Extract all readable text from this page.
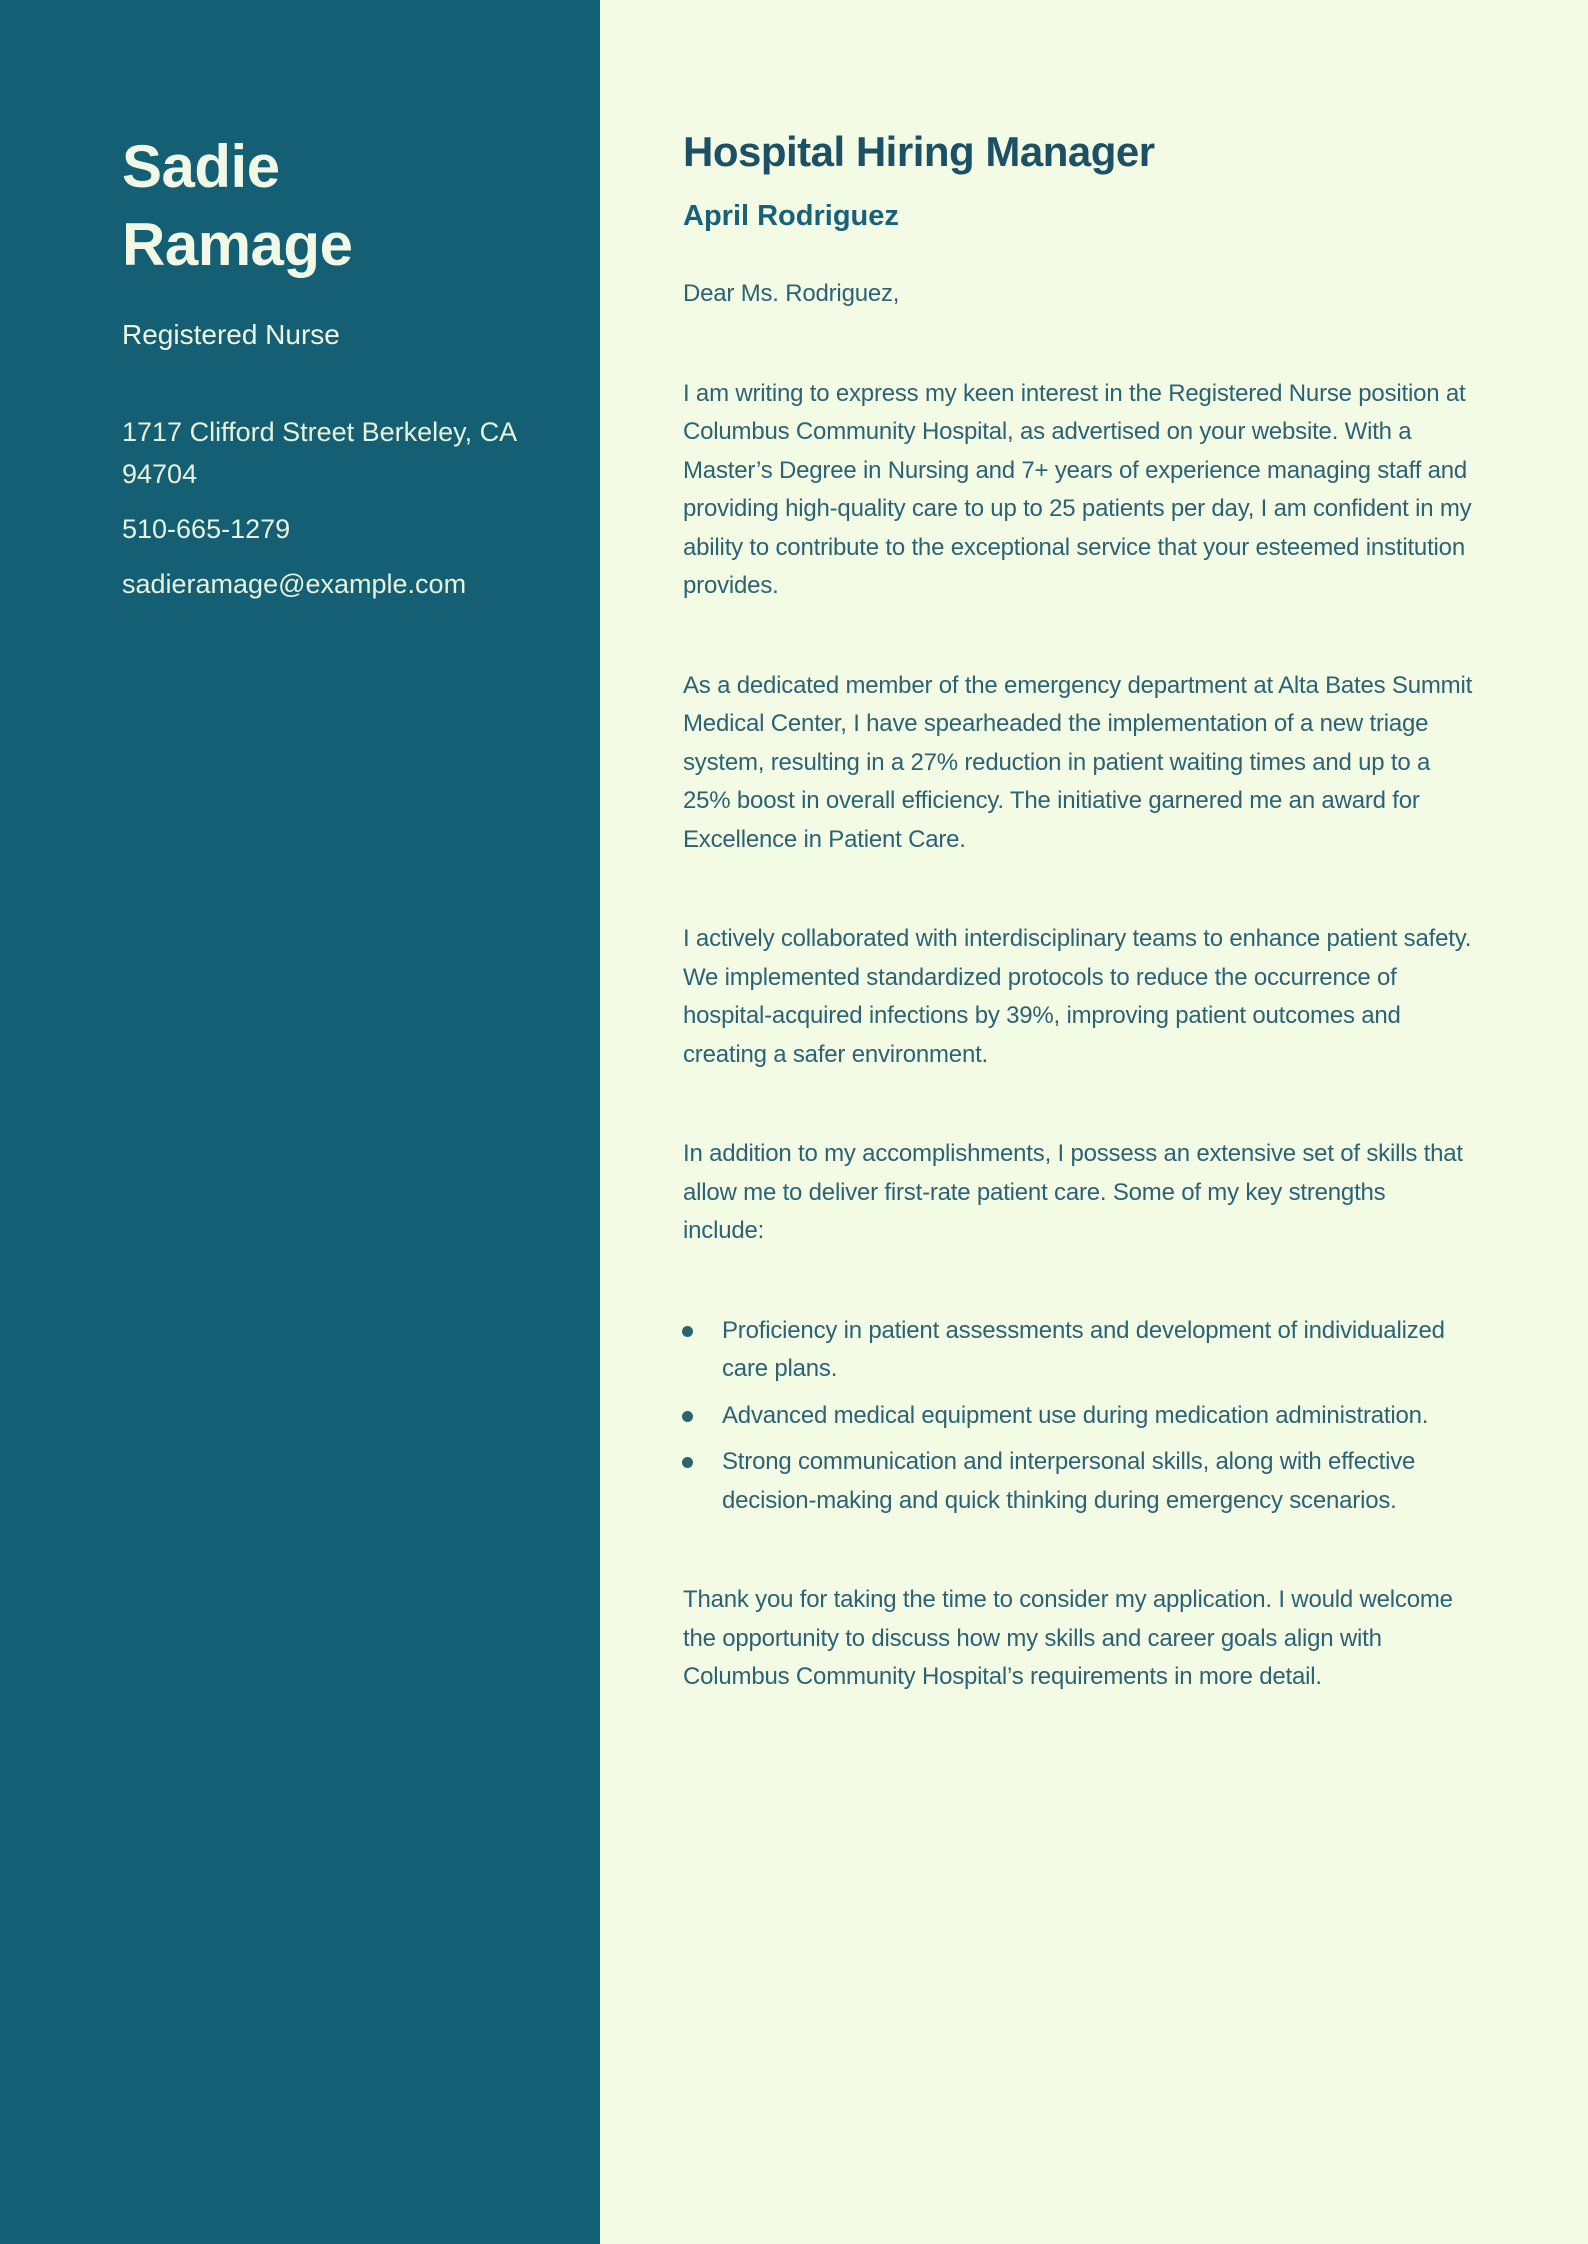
Sadie Ramage
Registered Nurse
1717 Clifford Street Berkeley, CA 94704
510-665-1279
sadieramage@example.com
Hospital Hiring Manager
April Rodriguez

Dear Ms. Rodriguez,

I am writing to express my keen interest in the Registered Nurse position at Columbus Community Hospital, as advertised on your website. With a Master’s Degree in Nursing and 7+ years of experience managing staff and providing high-quality care to up to 25 patients per day, I am confident in my ability to contribute to the exceptional service that your esteemed institution provides.

As a dedicated member of the emergency department at Alta Bates Summit Medical Center, I have spearheaded the implementation of a new triage system, resulting in a 27% reduction in patient waiting times and up to a 25% boost in overall efficiency. The initiative garnered me an award for Excellence in Patient Care.

I actively collaborated with interdisciplinary teams to enhance patient safety. We implemented standardized protocols to reduce the occurrence of hospital-acquired infections by 39%, improving patient outcomes and creating a safer environment.

In addition to my accomplishments, I possess an extensive set of skills that allow me to deliver first-rate patient care. Some of my key strengths include:

Proficiency in patient assessments and development of individualized care plans.
Advanced medical equipment use during medication administration.
Strong communication and interpersonal skills, along with effective decision-making and quick thinking during emergency scenarios.

Thank you for taking the time to consider my application. I would welcome the opportunity to discuss how my skills and career goals align with Columbus Community Hospital’s requirements in more detail.
